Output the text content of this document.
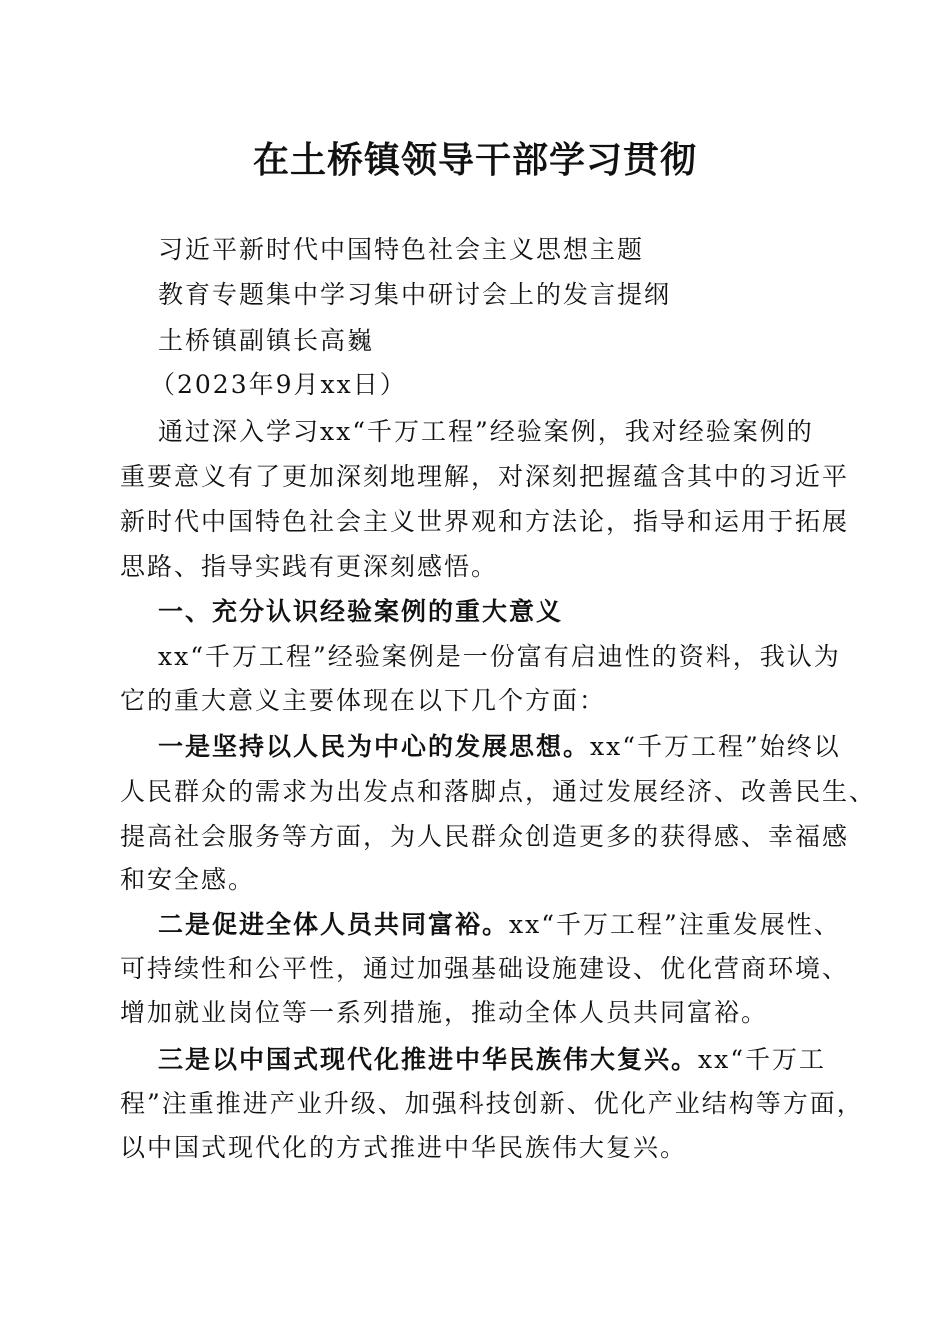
在土桥镇领导干部学习贯彻
习近平新时代中国特色社会主义思想主题
教育专题集中学习集中研讨会上的发言提纲
土桥镇副镇长高巍
（2023年9月xx日）
通过深入学习xx“千万工程”经验案例，我对经验案例的
重要意义有了更加深刻地理解，对深刻把握蕴含其中的习近平
新时代中国特色社会主义世界观和方法论，指导和运用于拓展
思路、指导实践有更深刻感悟。
一、充分认识经验案例的重大意义
xx“千万工程”经验案例是一份富有启迪性的资料，我认为
它的重大意义主要体现在以下几个方面：
一是坚持以人民为中心的发展思想。xx“千万工程”始终以
人民群众的需求为出发点和落脚点，通过发展经济、改善民生、
提高社会服务等方面，为人民群众创造更多的获得感、幸福感
和安全感。
二是促进全体人员共同富裕。xx“千万工程”注重发展性、
可持续性和公平性，通过加强基础设施建设、优化营商环境、
增加就业岗位等一系列措施，推动全体人员共同富裕。
三是以中国式现代化推进中华民族伟大复兴。xx“千万工
程”注重推进产业升级、加强科技创新、优化产业结构等方面，
以中国式现代化的方式推进中华民族伟大复兴。
